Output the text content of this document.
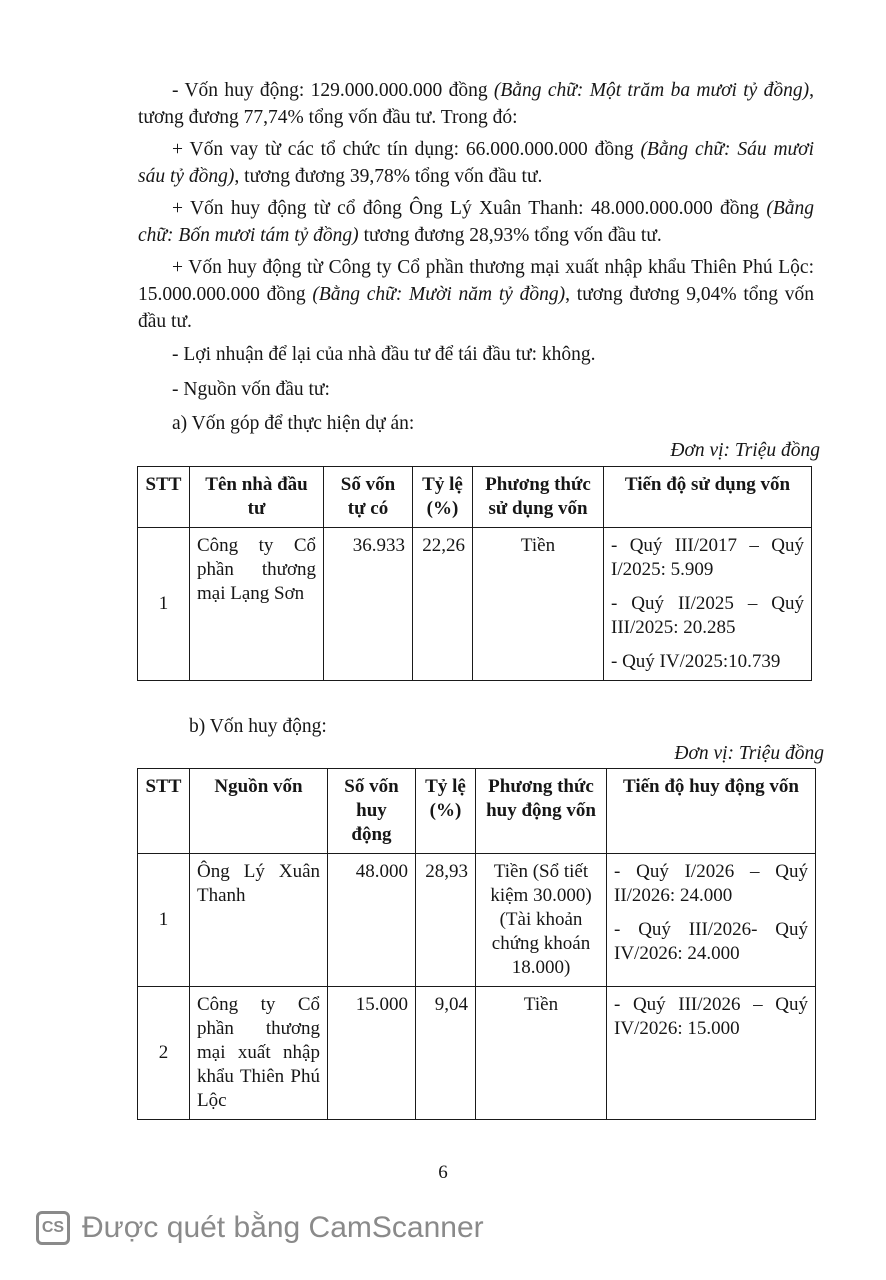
- Vốn huy động: 129.000.000.000 đồng (Bằng chữ: Một trăm ba mươi tỷ đồng), tương đương 77,74% tổng vốn đầu tư. Trong đó:

+ Vốn vay từ các tổ chức tín dụng: 66.000.000.000 đồng (Bằng chữ: Sáu mươi sáu tỷ đồng), tương đương 39,78% tổng vốn đầu tư.

+ Vốn huy động từ cổ đông Ông Lý Xuân Thanh: 48.000.000.000 đồng (Bằng chữ: Bốn mươi tám tỷ đồng) tương đương 28,93% tổng vốn đầu tư.

+ Vốn huy động từ Công ty Cổ phần thương mại xuất nhập khẩu Thiên Phú Lộc: 15.000.000.000 đồng (Bằng chữ: Mười năm tỷ đồng), tương đương 9,04% tổng vốn đầu tư.

- Lợi nhuận để lại của nhà đầu tư để tái đầu tư: không.

- Nguồn vốn đầu tư:

a) Vốn góp để thực hiện dự án:

Đơn vị: Triệu đồng
STT	Tên nhà đầu tư	Số vốn tự có	Tỷ lệ (%)	Phương thức sử dụng vốn	Tiến độ sử dụng vốn
1	Công ty Cổ phần thương mại Lạng Sơn	36.933	22,26	Tiền	- Quý III/2017 – Quý I/2025: 5.909
- Quý II/2025 – Quý III/2025: 20.285
- Quý IV/2025:10.739

b) Vốn huy động:

Đơn vị: Triệu đồng
STT	Nguồn vốn	Số vốn huy động	Tỷ lệ (%)	Phương thức huy động vốn	Tiến độ huy động vốn
1	Ông Lý Xuân Thanh	48.000	28,93	Tiền (Sổ tiết kiệm 30.000) (Tài khoản chứng khoán 18.000)	- Quý I/2026 – Quý II/2026: 24.000
- Quý III/2026- Quý IV/2026: 24.000

2	Công ty Cổ phần thương mại xuất nhập khẩu Thiên Phú Lộc	15.000	9,04	Tiền	- Quý III/2026 – Quý IV/2026: 15.000
6
CS Được quét bằng CamScanner
